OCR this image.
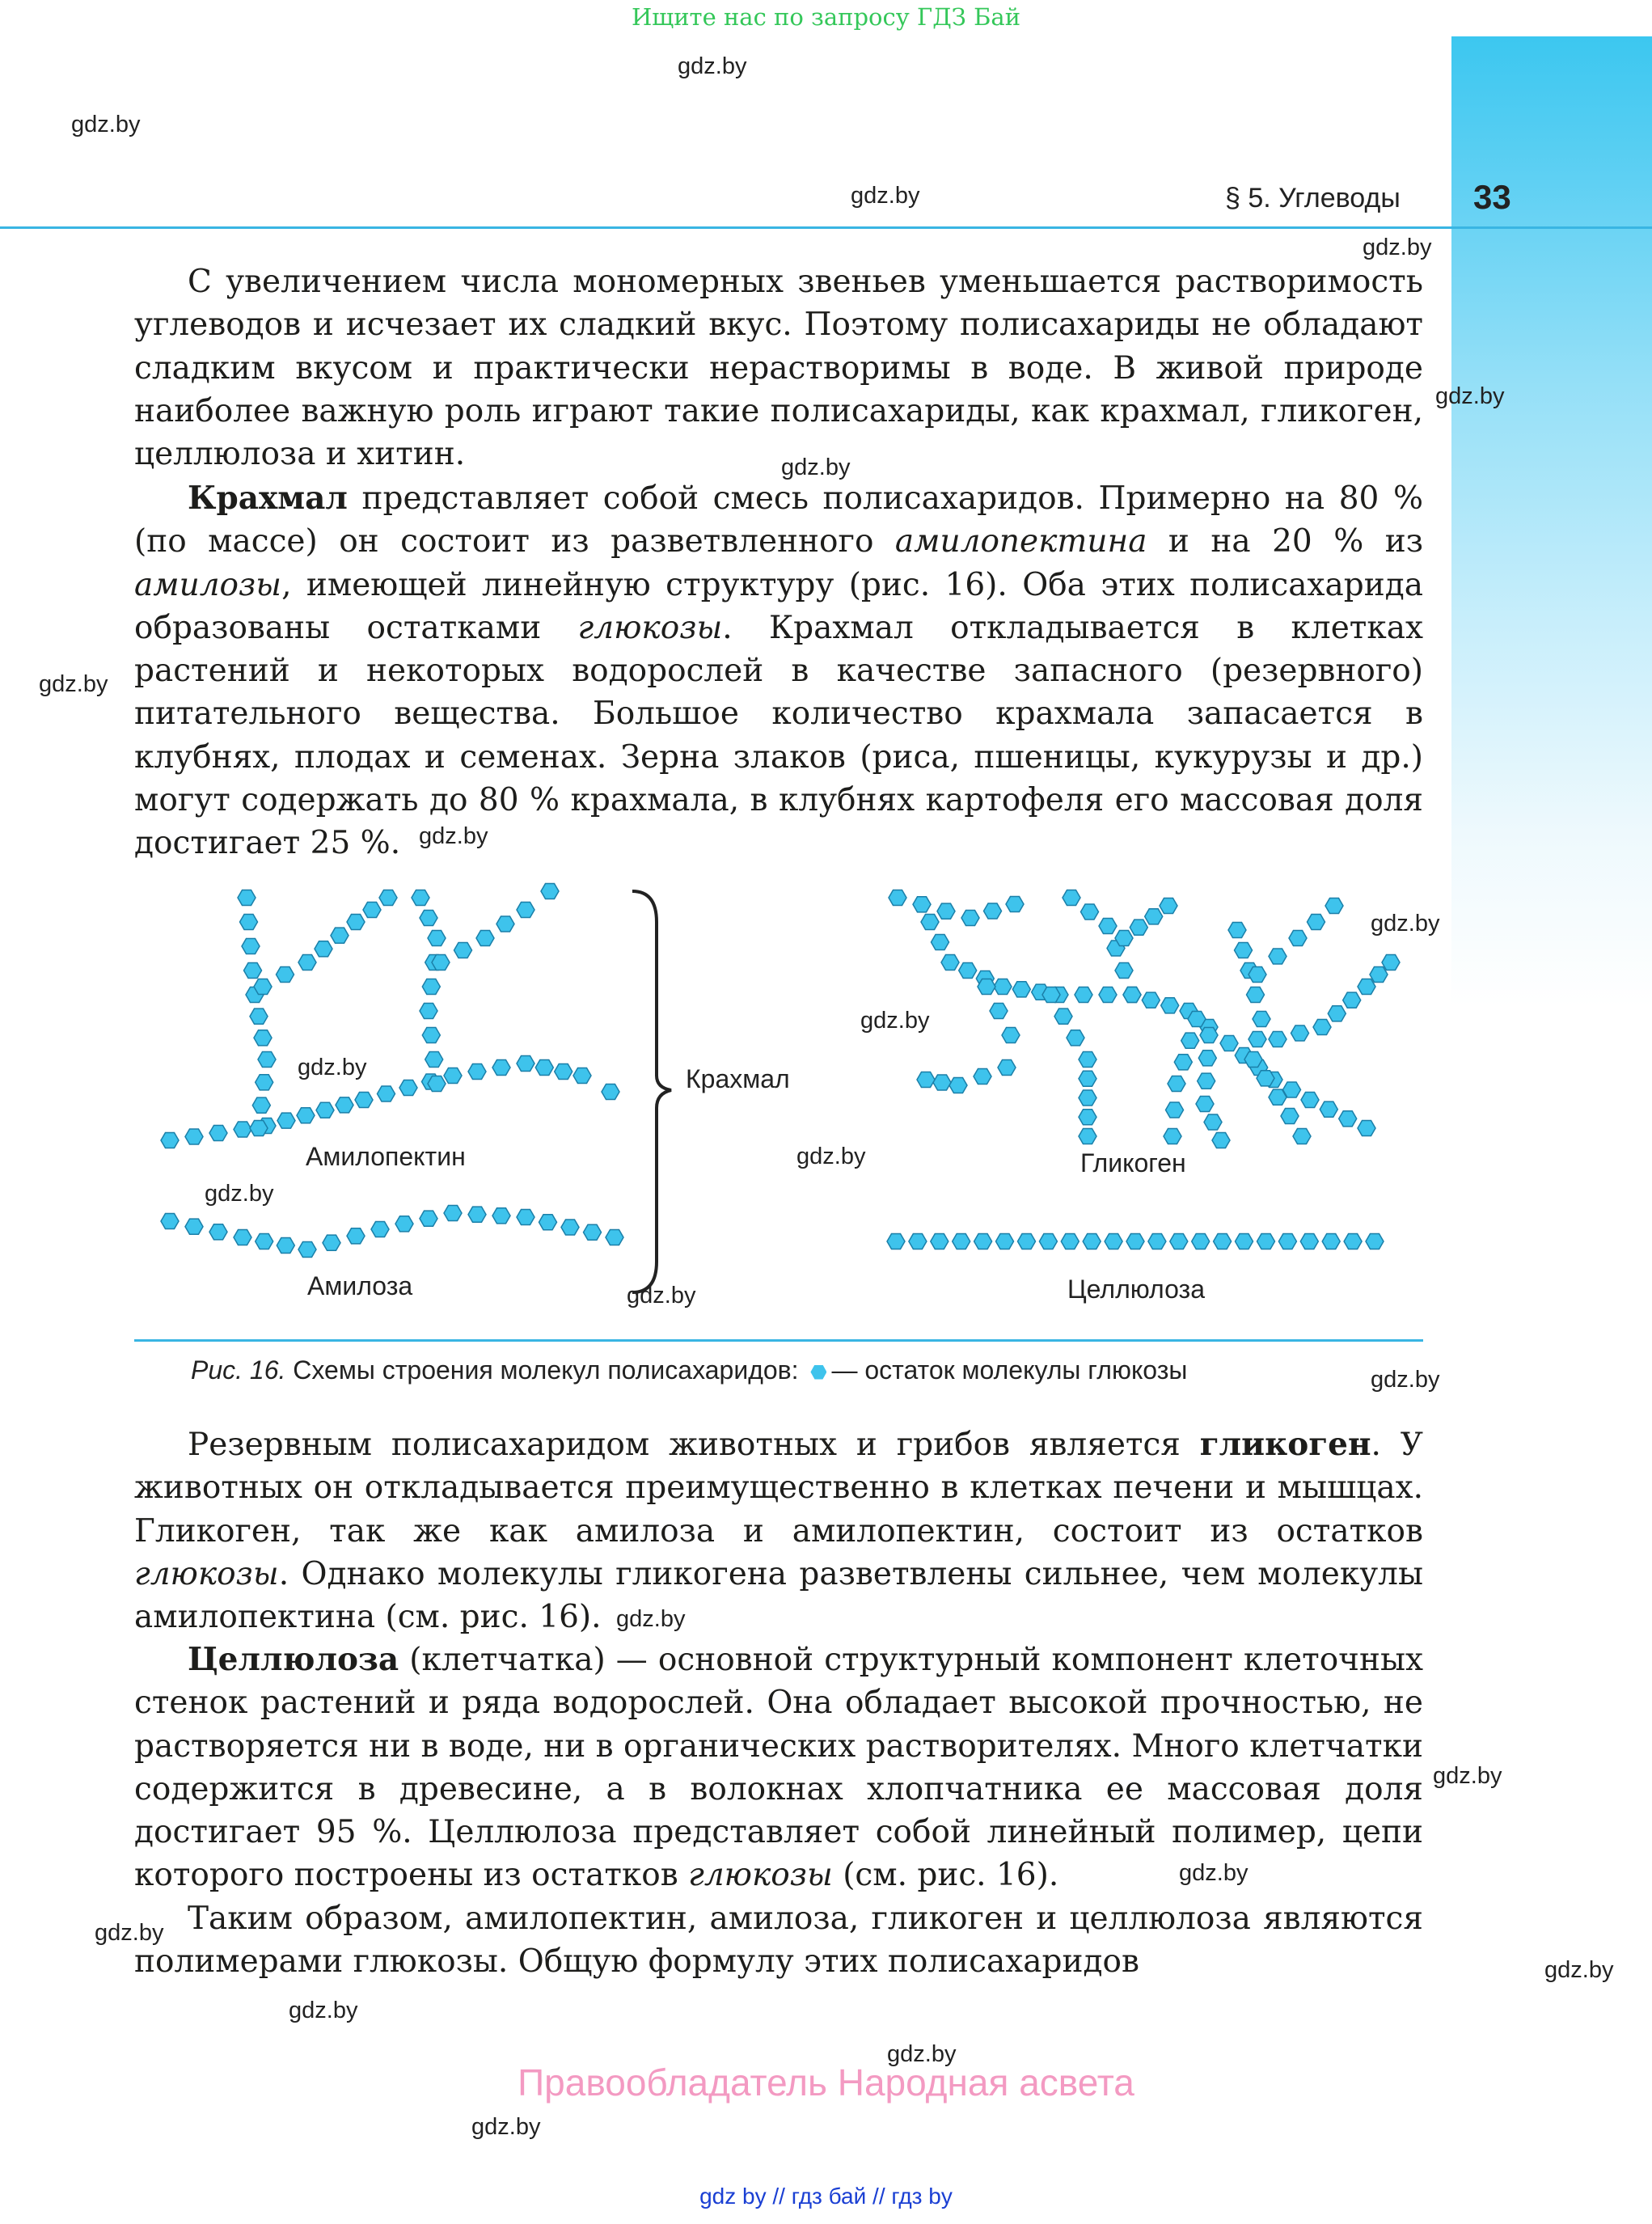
Ищите нас по запросу ГДЗ Бай
§ 5. Углеводы 33
gdz.by
gdz.by
gdz.by
gdz.by
gdz.by
gdz.by
gdz.by
gdz.by
gdz.by
gdz.by
gdz.by
gdz.by
gdz.by
gdz.by
gdz.by
gdz.by
gdz.by
gdz.by
gdz.by
gdz.by
gdz.by
gdz.by
gdz.by

С увеличением числа мономерных звеньев уменьшается растворимость углеводов и исчезает их сладкий вкус. Поэтому полисахариды не обладают сладким вкусом и практически нерастворимы в воде. В живой природе наиболее важную роль играют такие полисахариды, как крахмал, гликоген, целлюлоза и хитин.

Крахмал представляет собой смесь полисахаридов. Примерно на 80 % (по массе) он состоит из разветвленного амилопектина и на 20 % из амилозы, имеющей линейную структуру (рис. 16). Оба этих полисахарида образованы остатками глюкозы. Крахмал откладывается в клетках растений и некоторых водорослей в качестве запасного (резервного) питательного вещества. Большое количество крахмала запасается в клубнях, плодах и семенах. Зерна злаков (риса, пшеницы, кукурузы и др.) могут содержать до 80 % крахмала, в клубнях картофеля его массовая доля достигает 25 %.

Амилопектин
Амилоза
Крахмал
Гликоген
Целлюлоза
Рис. 16. Схемы строения молекул полисахаридов: — остаток молекулы глюкозы

Резервным полисахаридом животных и грибов является гликоген. У животных он откладывается преимущественно в клетках печени и мышцах. Гликоген, так же как амилоза и амилопектин, состоит из остатков глюкозы. Однако молекулы гликогена разветвлены сильнее, чем молекулы амилопектина (см. рис. 16).

Целлюлоза (клетчатка) — основной структурный компонент клеточных стенок растений и ряда водорослей. Она обладает высокой прочностью, не растворяется ни в воде, ни в органических растворителях. Много клетчатки содержится в древесине, а в волокнах хлопчатника ее массовая доля достигает 95 %. Целлюлоза представляет собой линейный полимер, цепи которого построены из остатков глюкозы (см. рис. 16).

Таким образом, амилопектин, амилоза, гликоген и целлюлоза являются полимерами глюкозы. Общую формулу этих полисахаридов

Правообладатель Народная асвета
gdz by // гдз бай // гдз by
